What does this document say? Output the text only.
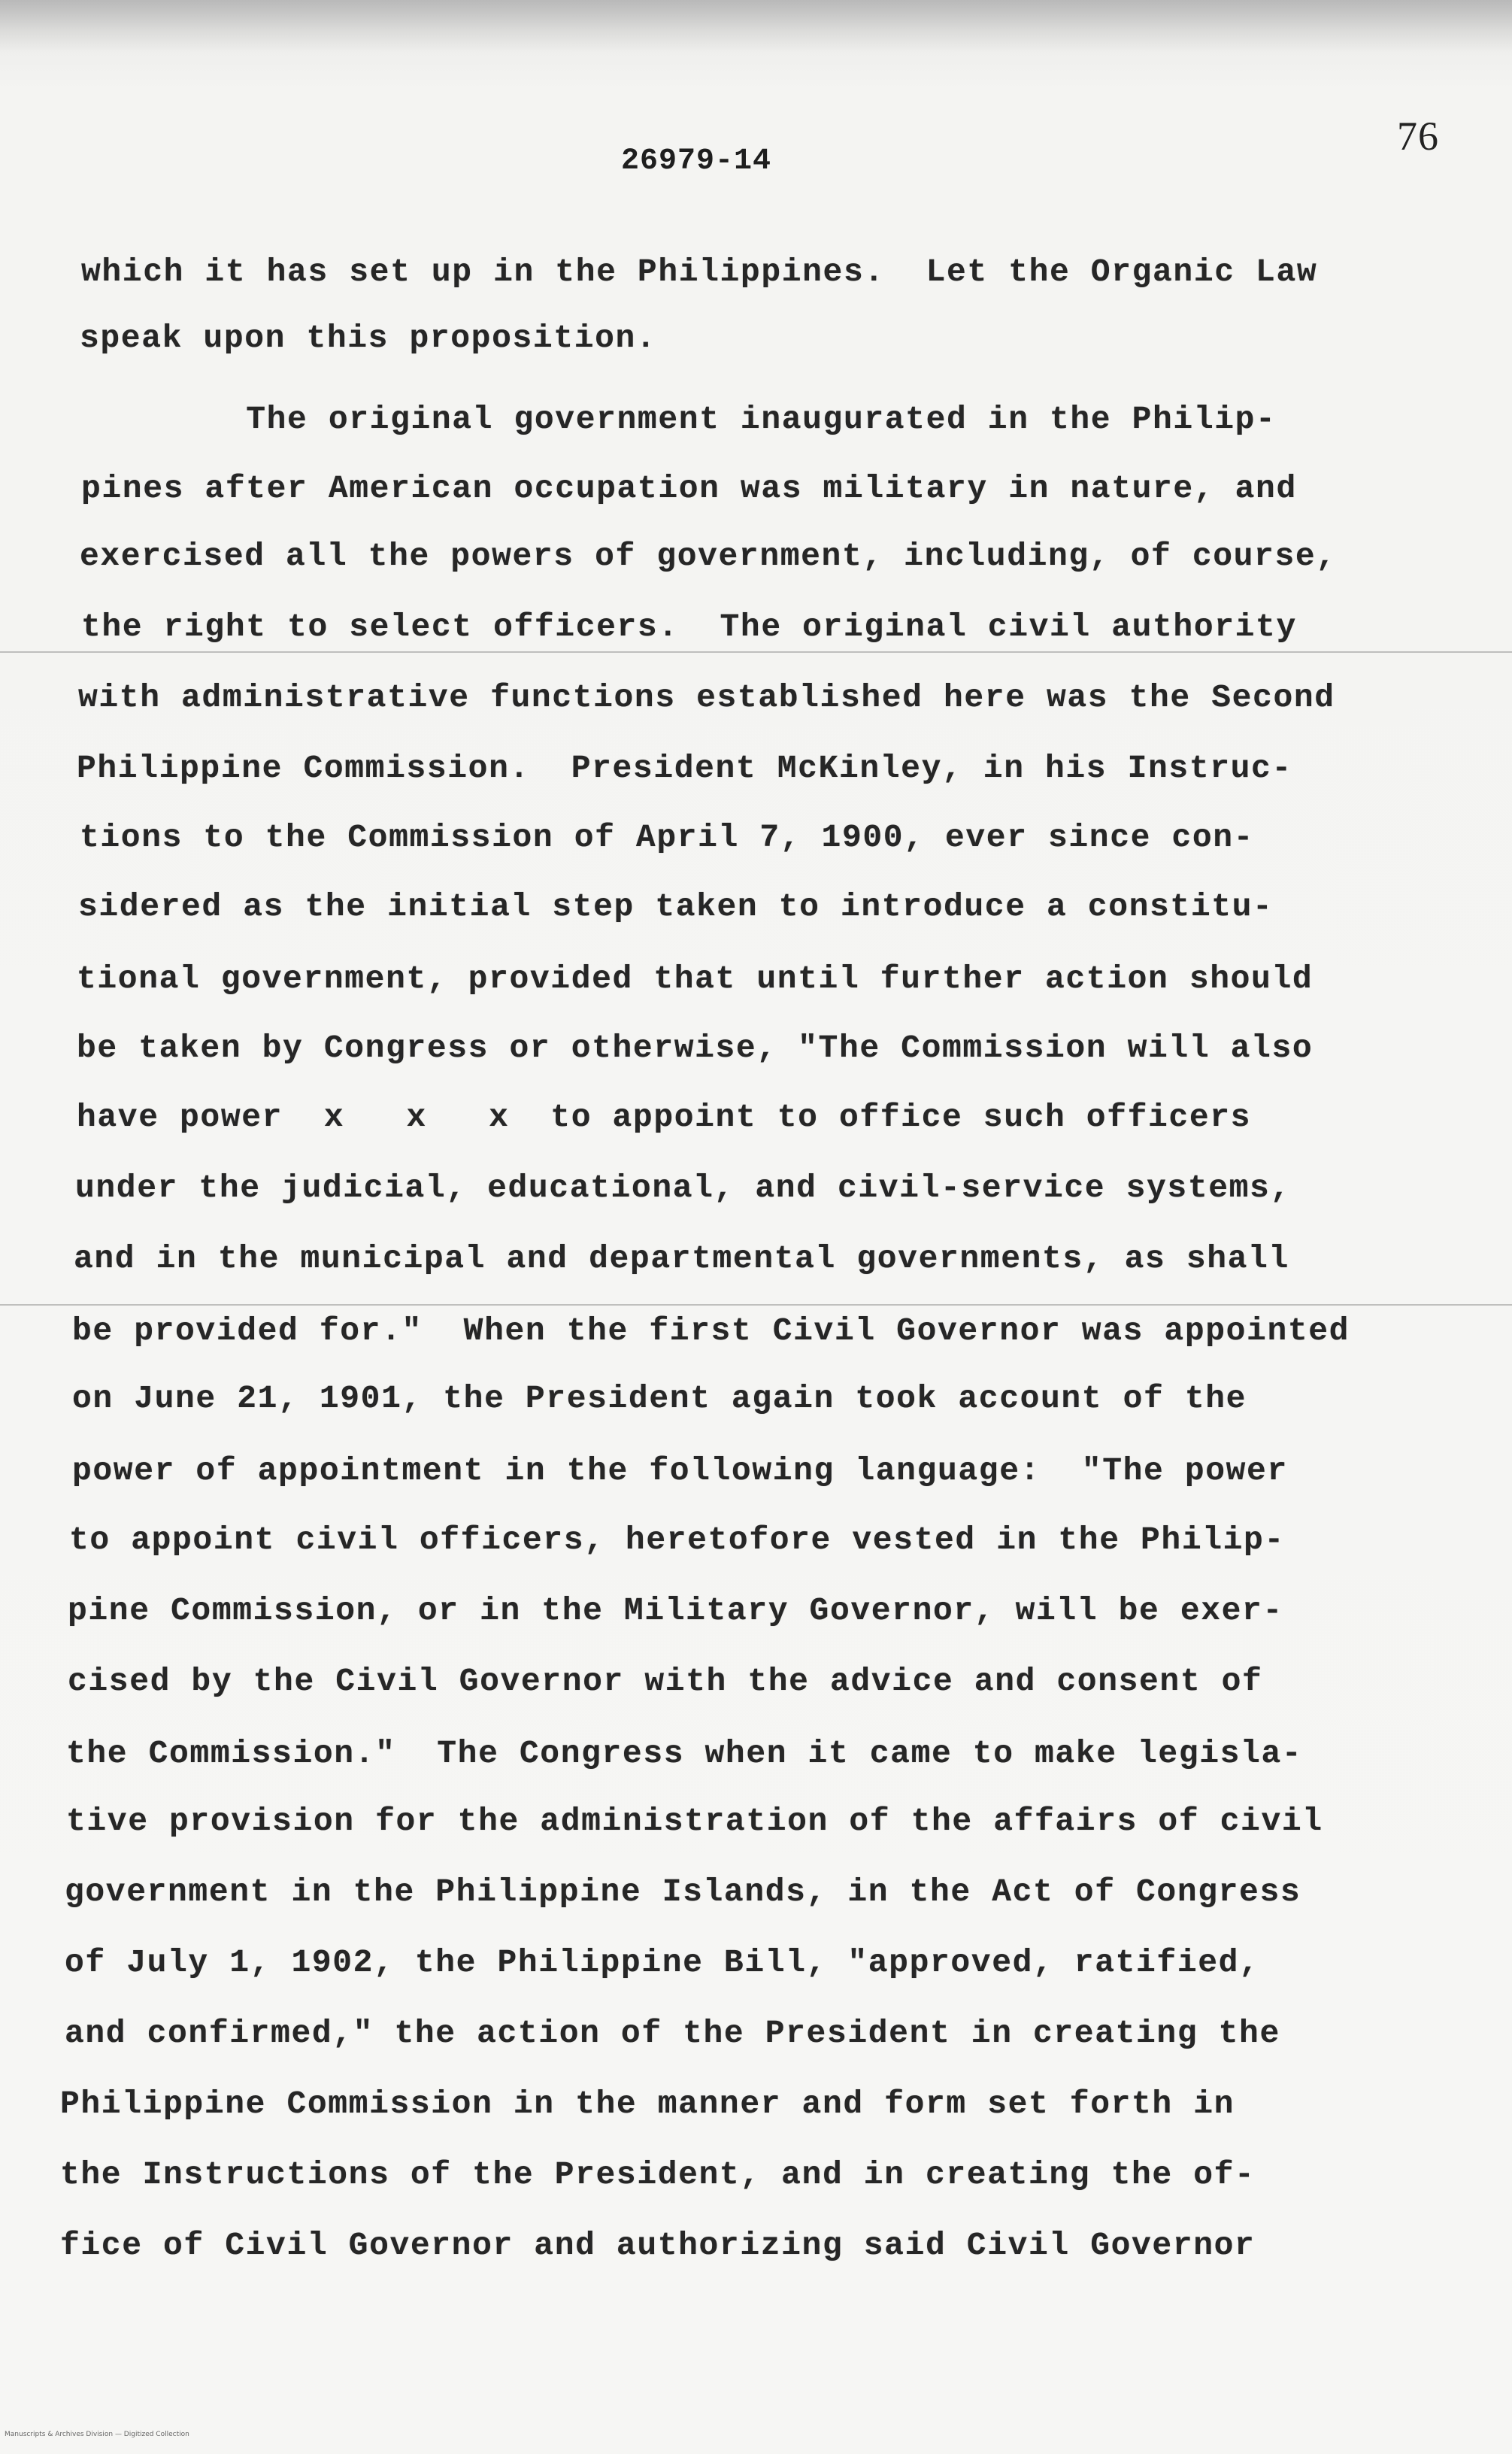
76
26979-14
which it has set up in the Philippines.  Let the Organic Law
speak upon this proposition.
The original government inaugurated in the Philip-
pines after American occupation was military in nature, and
exercised all the powers of government, including, of course,
the right to select officers.  The original civil authority
with administrative functions established here was the Second
Philippine Commission.  President McKinley, in his Instruc-
tions to the Commission of April 7, 1900, ever since con-
sidered as the initial step taken to introduce a constitu-
tional government, provided that until further action should
be taken by Congress or otherwise, "The Commission will also
have power  x   x   x  to appoint to office such officers
under the judicial, educational, and civil-service systems,
and in the municipal and departmental governments, as shall
be provided for."  When the first Civil Governor was appointed
on June 21, 1901, the President again took account of the
power of appointment in the following language:  "The power
to appoint civil officers, heretofore vested in the Philip-
pine Commission, or in the Military Governor, will be exer-
cised by the Civil Governor with the advice and consent of
the Commission."  The Congress when it came to make legisla-
tive provision for the administration of the affairs of civil
government in the Philippine Islands, in the Act of Congress
of July 1, 1902, the Philippine Bill, "approved, ratified,
and confirmed," the action of the President in creating the
Philippine Commission in the manner and form set forth in
the Instructions of the President, and in creating the of-
fice of Civil Governor and authorizing said Civil Governor
Manuscripts & Archives Division — Digitized Collection
